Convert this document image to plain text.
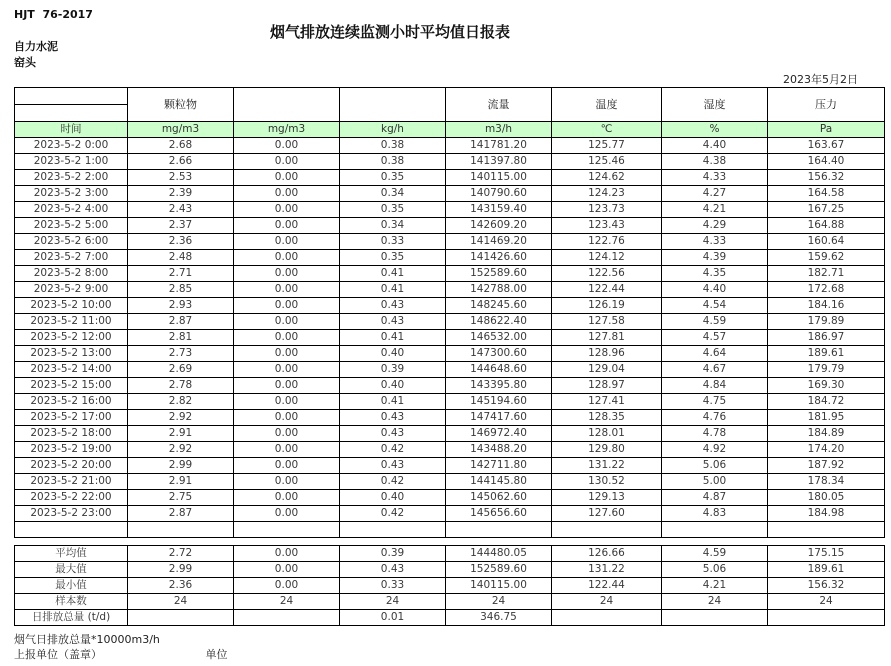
HJT  76-2017
烟气排放连续监测小时平均值日报表
自力水泥
窑头
2023年5月2日
	颗粒物			流量	温度	湿度	压力

时间	mg/m3	mg/m3	kg/h	m3/h	℃	%	Pa
2023-5-2 0:00	2.68	0.00	0.38	141781.20	125.77	4.40	163.67
2023-5-2 1:00	2.66	0.00	0.38	141397.80	125.46	4.38	164.40
2023-5-2 2:00	2.53	0.00	0.35	140115.00	124.62	4.33	156.32
2023-5-2 3:00	2.39	0.00	0.34	140790.60	124.23	4.27	164.58
2023-5-2 4:00	2.43	0.00	0.35	143159.40	123.73	4.21	167.25
2023-5-2 5:00	2.37	0.00	0.34	142609.20	123.43	4.29	164.88
2023-5-2 6:00	2.36	0.00	0.33	141469.20	122.76	4.33	160.64
2023-5-2 7:00	2.48	0.00	0.35	141426.60	124.12	4.39	159.62
2023-5-2 8:00	2.71	0.00	0.41	152589.60	122.56	4.35	182.71
2023-5-2 9:00	2.85	0.00	0.41	142788.00	122.44	4.40	172.68
2023-5-2 10:00	2.93	0.00	0.43	148245.60	126.19	4.54	184.16
2023-5-2 11:00	2.87	0.00	0.43	148622.40	127.58	4.59	179.89
2023-5-2 12:00	2.81	0.00	0.41	146532.00	127.81	4.57	186.97
2023-5-2 13:00	2.73	0.00	0.40	147300.60	128.96	4.64	189.61
2023-5-2 14:00	2.69	0.00	0.39	144648.60	129.04	4.67	179.79
2023-5-2 15:00	2.78	0.00	0.40	143395.80	128.97	4.84	169.30
2023-5-2 16:00	2.82	0.00	0.41	145194.60	127.41	4.75	184.72
2023-5-2 17:00	2.92	0.00	0.43	147417.60	128.35	4.76	181.95
2023-5-2 18:00	2.91	0.00	0.43	146972.40	128.01	4.78	184.89
2023-5-2 19:00	2.92	0.00	0.42	143488.20	129.80	4.92	174.20
2023-5-2 20:00	2.99	0.00	0.43	142711.80	131.22	5.06	187.92
2023-5-2 21:00	2.91	0.00	0.42	144145.80	130.52	5.00	178.34
2023-5-2 22:00	2.75	0.00	0.40	145062.60	129.13	4.87	180.05
2023-5-2 23:00	2.87	0.00	0.42	145656.60	127.60	4.83	184.98

平均值	2.72	0.00	0.39	144480.05	126.66	4.59	175.15
最大值	2.99	0.00	0.43	152589.60	131.22	5.06	189.61
最小值	2.36	0.00	0.33	140115.00	122.44	4.21	156.32
样本数	24	24	24	24	24	24	24
日排放总量 (t/d)			0.01	346.75			
烟气日排放总量*10000m3/h
上报单位（盖章）	单位
